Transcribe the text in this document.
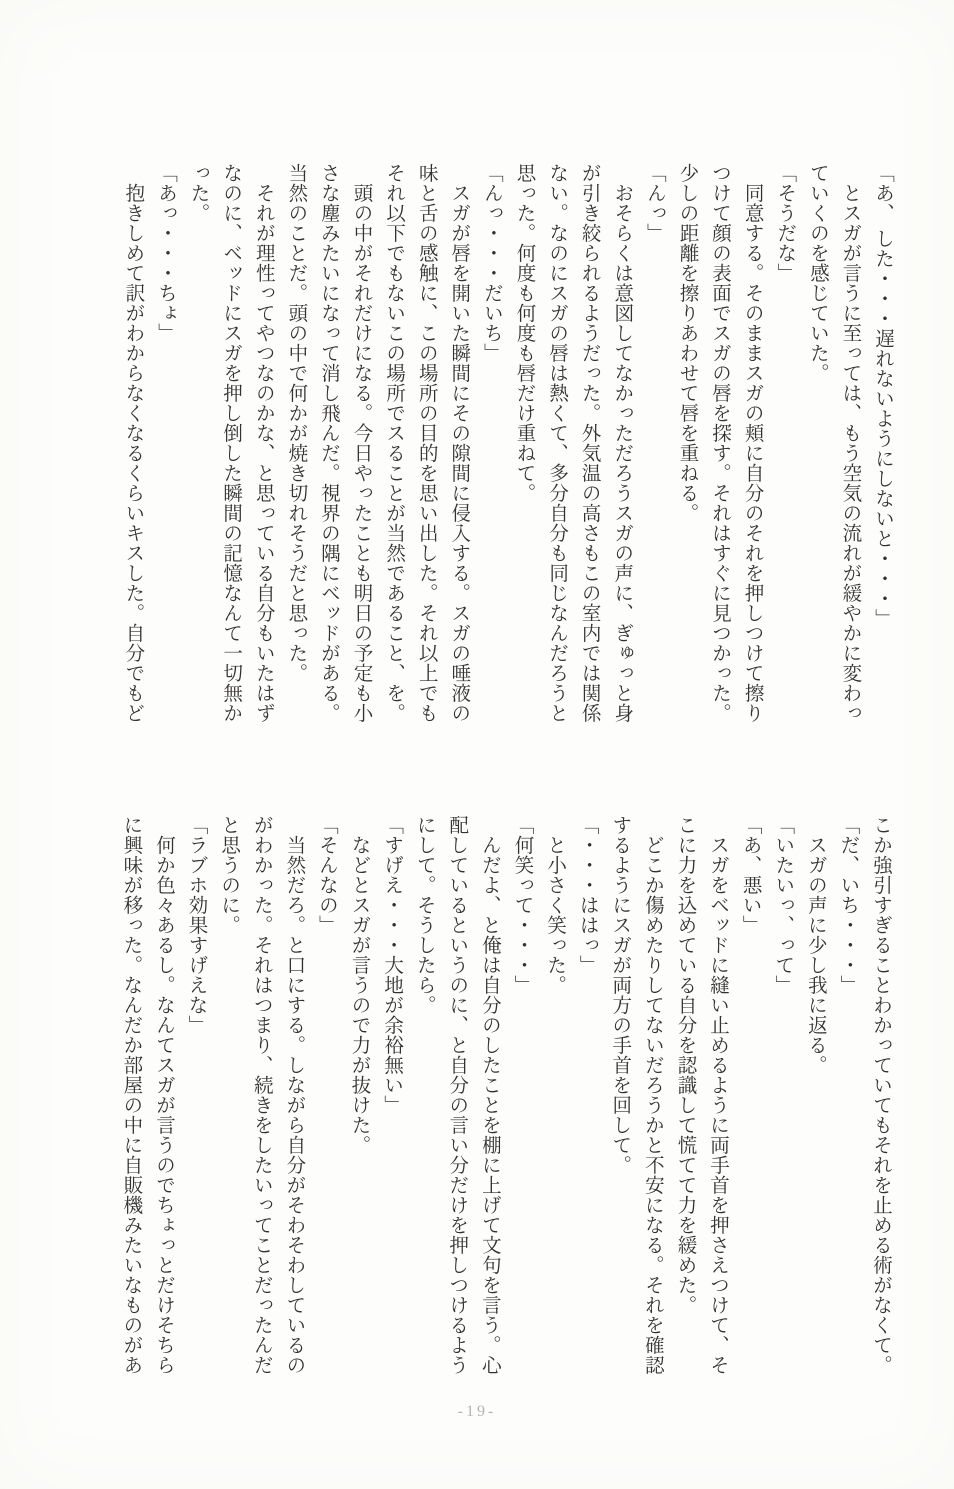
「あ、 した・・・遅れないようにしないと・・・」
とスガが言うに至っては、もう空気の流れが緩やかに変わっ
ていくのを感じていた。
「そうだな」
同意する。そのままスガの頬に自分のそれを押しつけて擦り
つけて顔の表面でスガの唇を探す。それはすぐに見つかった。
少しの距離を擦りあわせて唇を重ねる。
「んっ」
おそらくは意図してなかっただろうスガの声に、ぎゅっと身
が引き絞られるようだった。外気温の高さもこの室内では関係
ない。なのにスガの唇は熱くて、多分自分も同じなんだろうと
思った。何度も何度も唇だけ重ねて。
「んっ・・・だいち」
スガが唇を開いた瞬間にその隙間に侵入する。スガの唾液の
味と舌の感触に、この場所の目的を思い出した。それ以上でも
それ以下でもないこの場所でスることが当然であること、を。
頭の中がそれだけになる。今日やったことも明日の予定も小
さな塵みたいになって消し飛んだ。視界の隅にベッドがある。
当然のことだ。頭の中で何かが焼き切れそうだと思った。
それが理性ってやつなのかな、と思っている自分もいたはず
なのに、ベッドにスガを押し倒した瞬間の記憶なんて一切無か
った。
「あっ・・・ちょ」
抱きしめて訳がわからなくなるくらいキスした。自分でもど
こか強引すぎることわかっていてもそれを止める術がなくて。
「だ、いち・・・」
スガの声に少し我に返る。
「いたいっ、って」
「あ、悪い」
スガをベッドに縫い止めるように両手首を押さえつけて、そ
こに力を込めている自分を認識して慌てて力を緩めた。
どこか傷めたりしてないだろうかと不安になる。それを確認
するようにスガが両方の手首を回して。
「・・・ははっ」
と小さく笑った。
「何笑って・・・」
んだよ、と俺は自分のしたことを棚に上げて文句を言う。心
配しているというのに、と自分の言い分だけを押しつけるよう
にして。そうしたら。
「すげえ・・・大地が余裕無い」
などとスガが言うので力が抜けた。
「そんなの」
当然だろ。と口にする。しながら自分がそわそわしているの
がわかった。それはつまり、続きをしたいってことだったんだ
と思うのに。
「ラブホ効果すげえな」
何か色々あるし。なんてスガが言うのでちょっとだけそちら
に興味が移った。なんだか部屋の中に自販機みたいなものがあ
-19-
